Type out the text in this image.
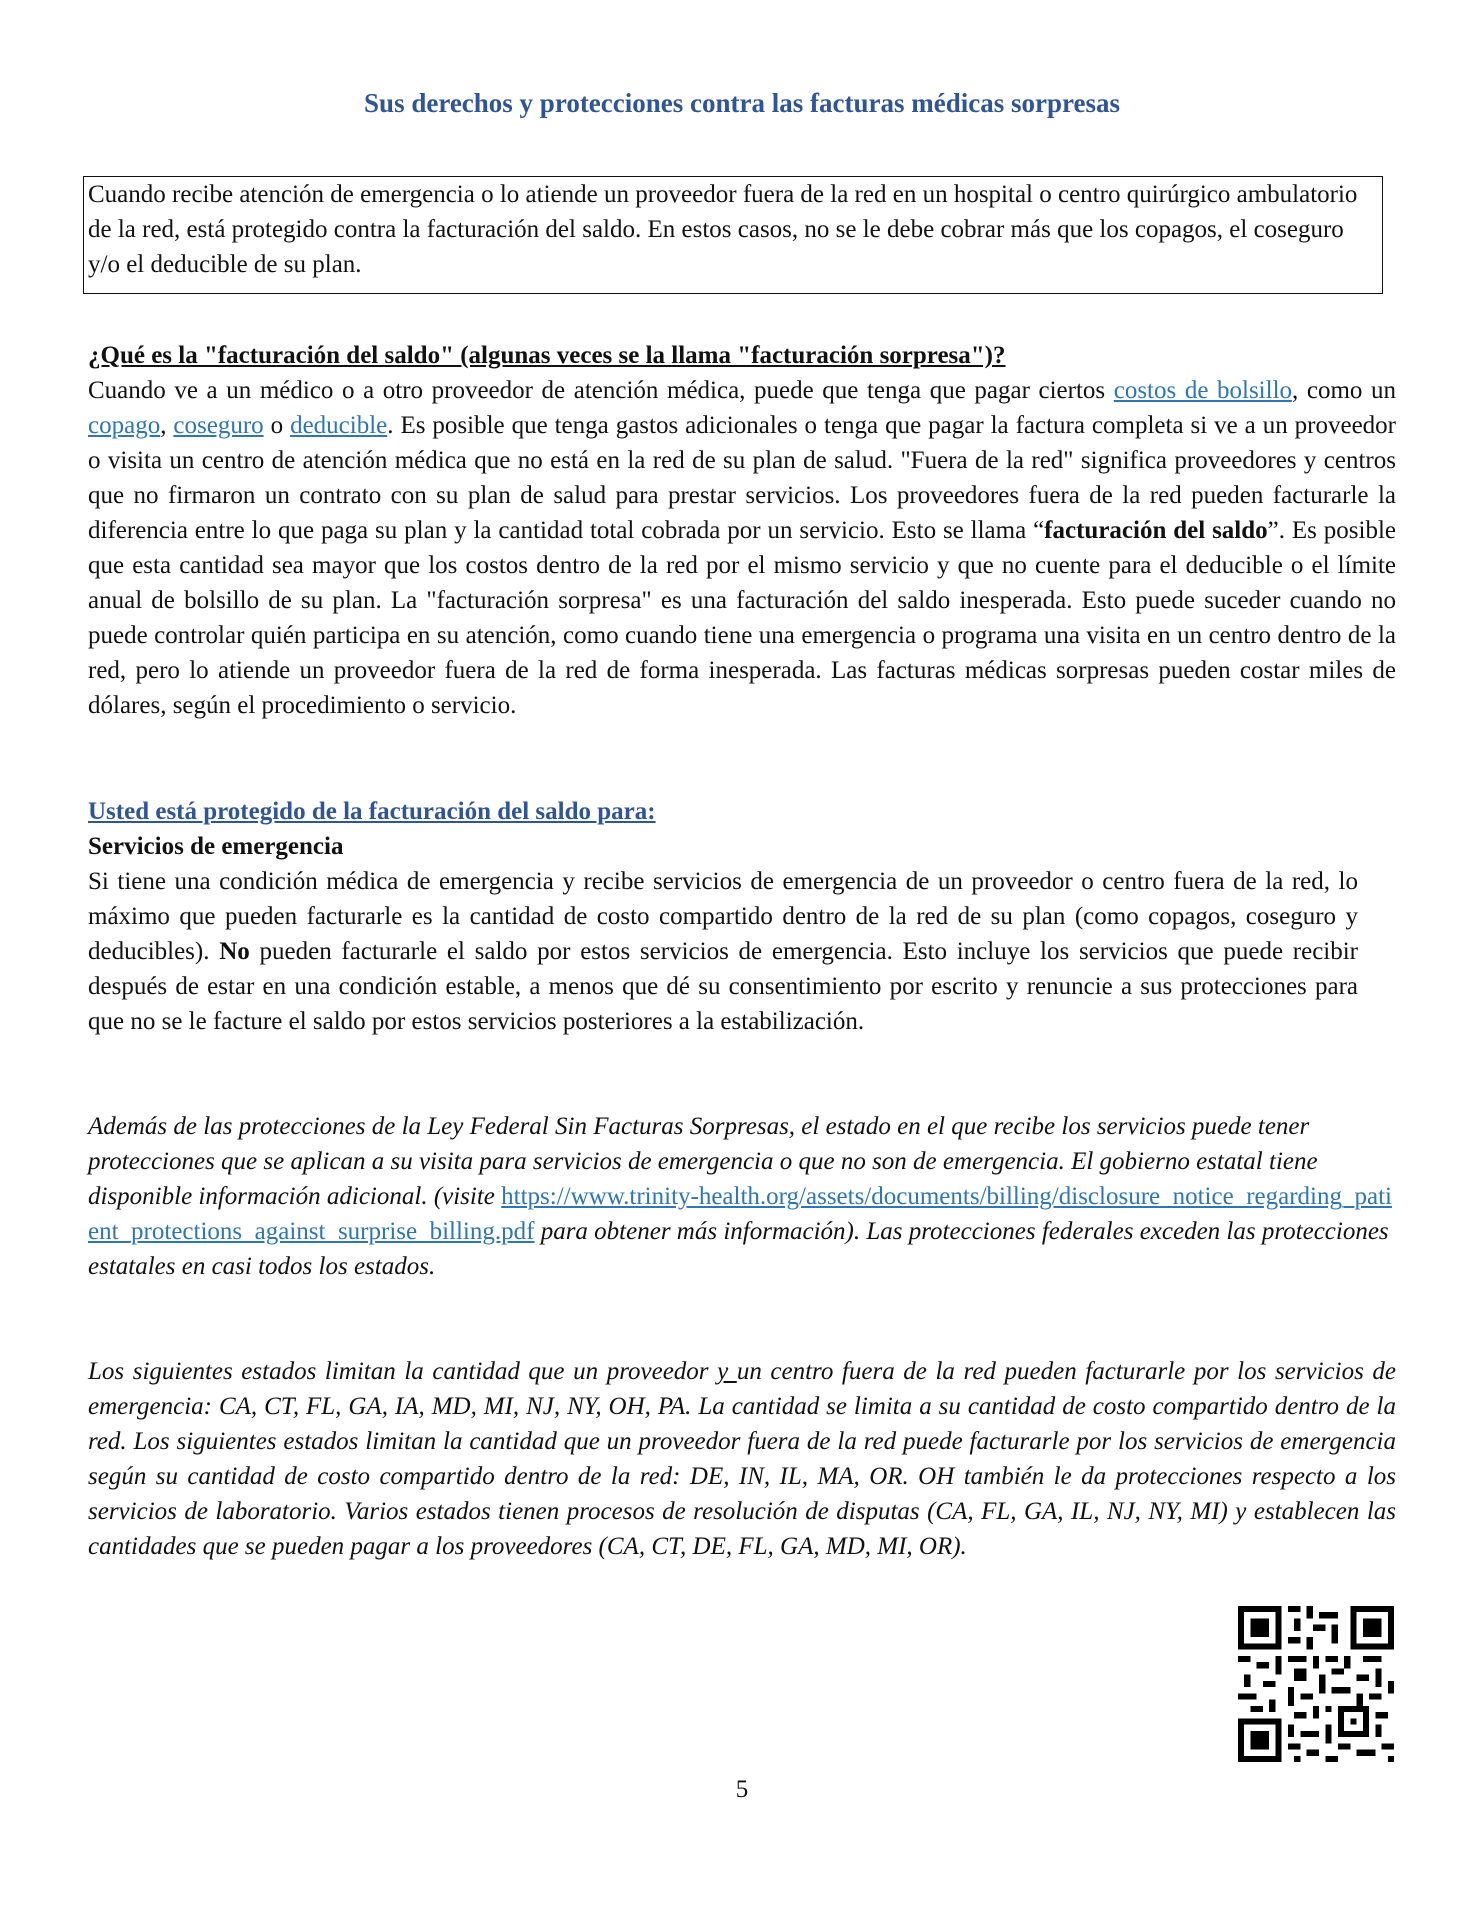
Sus derechos y protecciones contra las facturas médicas sorpresas

Cuando recibe atención de emergencia o lo atiende un proveedor fuera de la red en un hospital o centro quirúrgico ambulatorio de la red, está protegido contra la facturación del saldo. En estos casos, no se le debe cobrar más que los copagos, el coseguro y/o el deducible de su plan.

¿Qué es la "facturación del saldo" (algunas veces se la llama "facturación sorpresa")?
Cuando ve a un médico o a otro proveedor de atención médica, puede que tenga que pagar ciertos costos de bolsillo, como un copago, coseguro o deducible. Es posible que tenga gastos adicionales o tenga que pagar la factura completa si ve a un proveedor o visita un centro de atención médica que no está en la red de su plan de salud. "Fuera de la red" significa proveedores y centros que no firmaron un contrato con su plan de salud para prestar servicios. Los proveedores fuera de la red pueden facturarle la diferencia entre lo que paga su plan y la cantidad total cobrada por un servicio. Esto se llama “facturación del saldo”. Es posible que esta cantidad sea mayor que los costos dentro de la red por el mismo servicio y que no cuente para el deducible o el límite anual de bolsillo de su plan. La "facturación sorpresa" es una facturación del saldo inesperada. Esto puede suceder cuando no puede controlar quién participa en su atención, como cuando tiene una emergencia o programa una visita en un centro dentro de la red, pero lo atiende un proveedor fuera de la red de forma inesperada. Las facturas médicas sorpresas pueden costar miles de dólares, según el procedimiento o servicio.
Usted está protegido de la facturación del saldo para:
Servicios de emergencia
Si tiene una condición médica de emergencia y recibe servicios de emergencia de un proveedor o centro fuera de la red, lo máximo que pueden facturarle es la cantidad de costo compartido dentro de la red de su plan (como copagos, coseguro y deducibles). No pueden facturarle el saldo por estos servicios de emergencia. Esto incluye los servicios que puede recibir después de estar en una condición estable, a menos que dé su consentimiento por escrito y renuncie a sus protecciones para que no se le facture el saldo por estos servicios posteriores a la estabilización.
Además de las protecciones de la Ley Federal Sin Facturas Sorpresas, el estado en el que recibe los servicios puede tener protecciones que se aplican a su visita para servicios de emergencia o que no son de emergencia. El gobierno estatal tiene disponible información adicional. (visite https://www.trinity-health.org/assets/documents/billing/disclosure_notice_regarding_patient_protections_against_surprise_billing.pdf para obtener más información). Las protecciones federales exceden las protecciones estatales en casi todos los estados.
Los siguientes estados limitan la cantidad que un proveedor y un centro fuera de la red pueden facturarle por los servicios de emergencia: CA, CT, FL, GA, IA, MD, MI, NJ, NY, OH, PA. La cantidad se limita a su cantidad de costo compartido dentro de la red. Los siguientes estados limitan la cantidad que un proveedor fuera de la red puede facturarle por los servicios de emergencia según su cantidad de costo compartido dentro de la red: DE, IN, IL, MA, OR. OH también le da protecciones respecto a los servicios de laboratorio. Varios estados tienen procesos de resolución de disputas (CA, FL, GA, IL, NJ, NY, MI) y establecen las cantidades que se pueden pagar a los proveedores (CA, CT, DE, FL, GA, MD, MI, OR).
5
